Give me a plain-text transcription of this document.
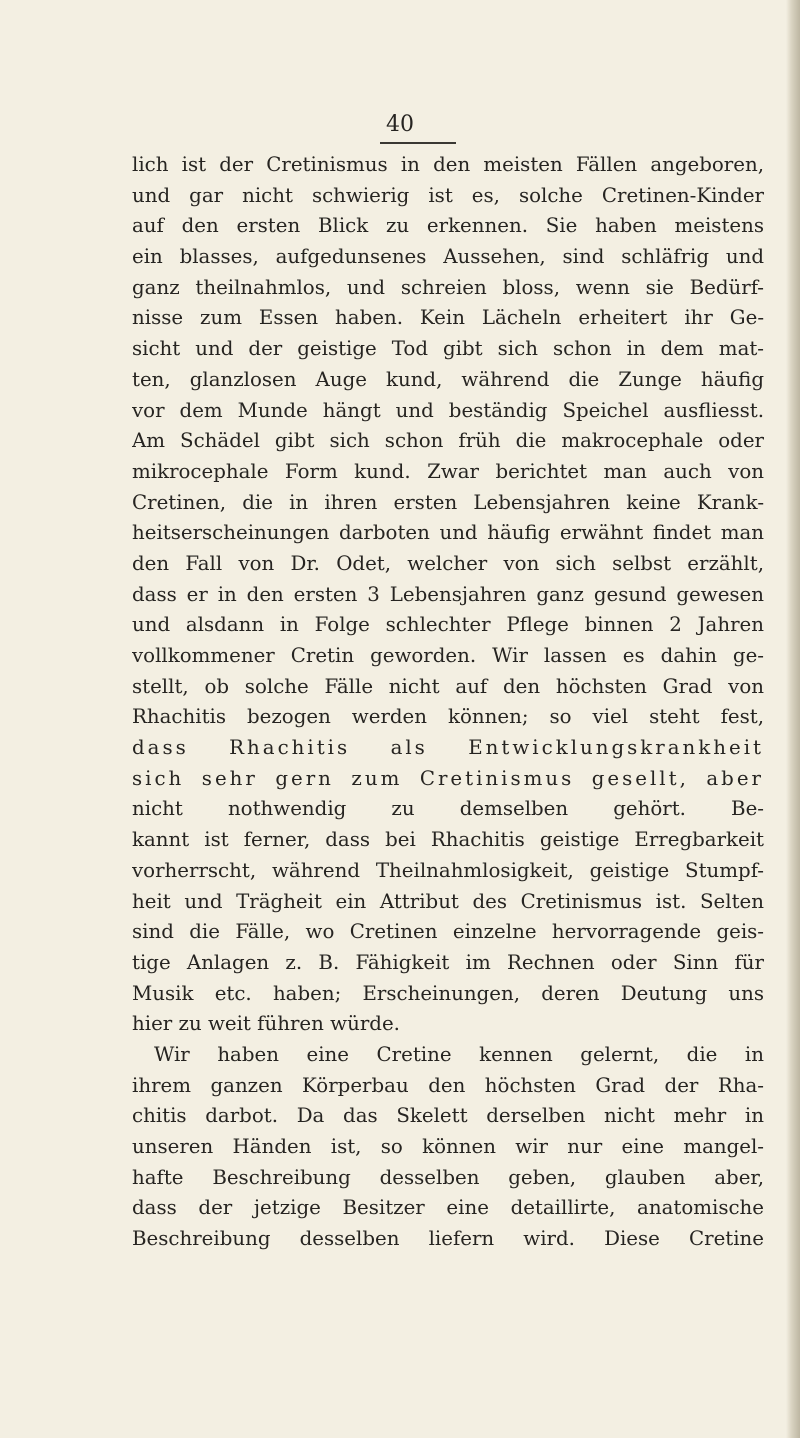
40
lich ist der Cretinismus in den meisten Fällen angeboren,
und gar nicht schwierig ist es, solche Cretinen-Kinder
auf den ersten Blick zu erkennen. Sie haben meistens
ein blasses, aufgedunsenes Aussehen, sind schläfrig und
ganz theilnahmlos, und schreien bloss, wenn sie Bedürf-
nisse zum Essen haben. Kein Lächeln erheitert ihr Ge-
sicht und der geistige Tod gibt sich schon in dem mat-
ten, glanzlosen Auge kund, während die Zunge häufig
vor dem Munde hängt und beständig Speichel ausfliesst.
Am Schädel gibt sich schon früh die makrocephale oder
mikrocephale Form kund. Zwar berichtet man auch von
Cretinen, die in ihren ersten Lebensjahren keine Krank-
heitserscheinungen darboten und häufig erwähnt findet man
den Fall von Dr. Odet, welcher von sich selbst erzählt,
dass er in den ersten 3 Lebensjahren ganz gesund gewesen
und alsdann in Folge schlechter Pflege binnen 2 Jahren
vollkommener Cretin geworden. Wir lassen es dahin ge-
stellt, ob solche Fälle nicht auf den höchsten Grad von
Rhachitis bezogen werden können; so viel steht fest,
dass Rhachitis als Entwicklungskrankheit
sich sehr gern zum Cretinismus gesellt, aber
nicht nothwendig zu demselben gehört. Be-
kannt ist ferner, dass bei Rhachitis geistige Erregbarkeit
vorherrscht, während Theilnahmlosigkeit, geistige Stumpf-
heit und Trägheit ein Attribut des Cretinismus ist. Selten
sind die Fälle, wo Cretinen einzelne hervorragende geis-
tige Anlagen z. B. Fähigkeit im Rechnen oder Sinn für
Musik etc. haben; Erscheinungen, deren Deutung uns
hier zu weit führen würde.
Wir haben eine Cretine kennen gelernt, die in
ihrem ganzen Körperbau den höchsten Grad der Rha-
chitis darbot. Da das Skelett derselben nicht mehr in
unseren Händen ist, so können wir nur eine mangel-
hafte Beschreibung desselben geben, glauben aber,
dass der jetzige Besitzer eine detaillirte, anatomische
Beschreibung desselben liefern wird. Diese Cretine
